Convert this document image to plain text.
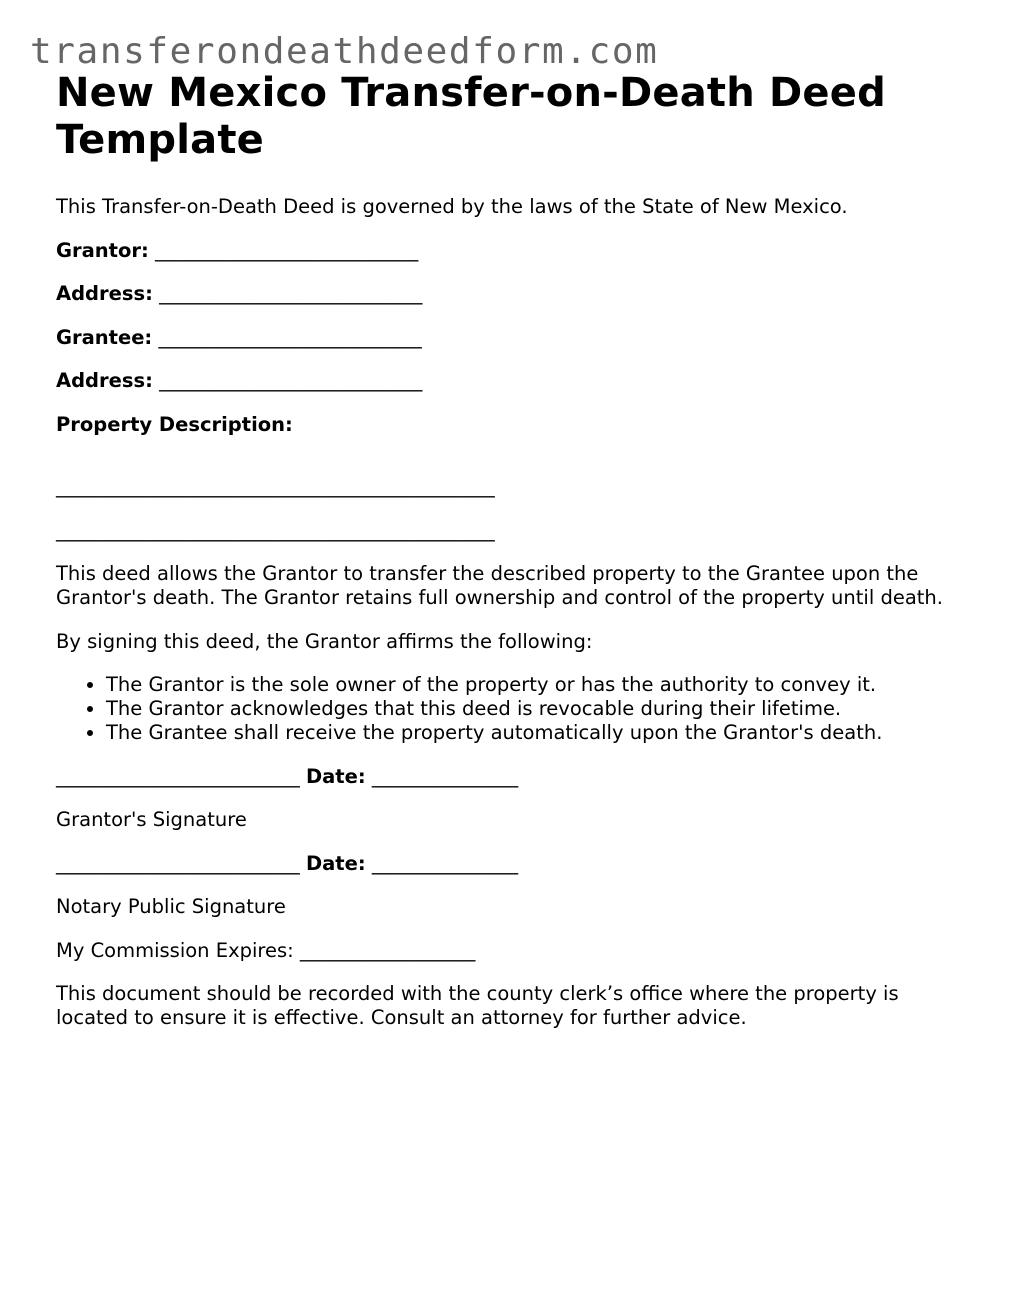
transferondeathdeedform.com
New Mexico Transfer-on-Death Deed Template

This Transfer-on-Death Deed is governed by the laws of the State of New Mexico.

Grantor: ___________________________

Address: ___________________________

Grantee: ___________________________

Address: ___________________________

Property Description:

_____________________________________________

_____________________________________________

This deed allows the Grantor to transfer the described property to the Grantee upon the Grantor's death. The Grantor retains full ownership and control of the property until death.

By signing this deed, the Grantor affirms the following:

• The Grantor is the sole owner of the property or has the authority to convey it.
• The Grantor acknowledges that this deed is revocable during their lifetime.
• The Grantee shall receive the property automatically upon the Grantor's death.

_________________________ Date: _______________

Grantor's Signature

_________________________ Date: _______________

Notary Public Signature

My Commission Expires: __________________

This document should be recorded with the county clerk’s office where the property is located to ensure it is effective. Consult an attorney for further advice.
